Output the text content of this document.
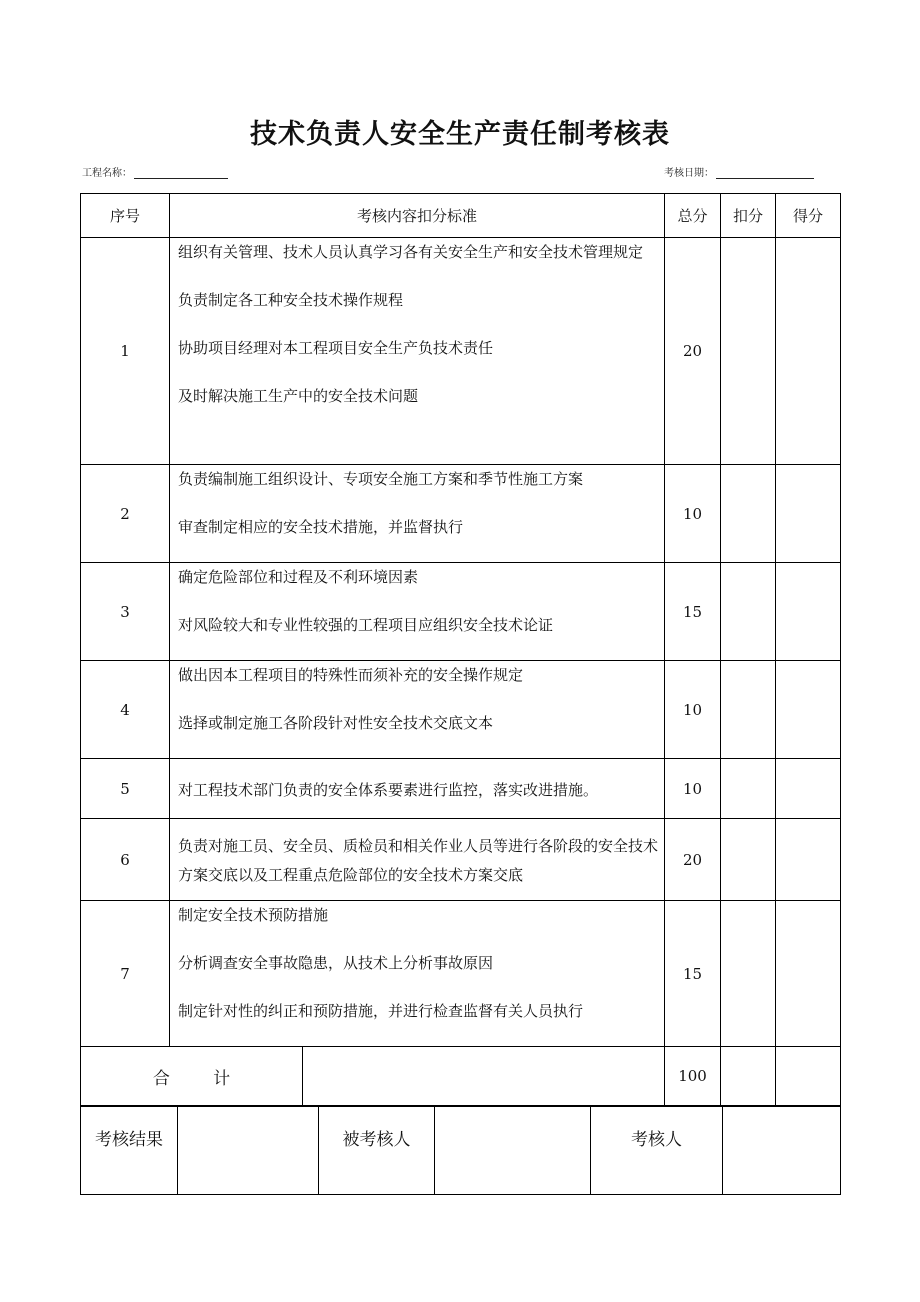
技术负责人安全生产责任制考核表
工程名称：	考核日期：
序号	考核内容扣分标准		总分	扣分	得分
1	组织有关管理、技术人员认真学习各有关安全生产和安全技术管理规定

负责制定各工种安全技术操作规程

协助项目经理对本工程项目安全生产负技术责任

及时解决施工生产中的安全技术问题		20		
2	负责编制施工组织设计、专项安全施工方案和季节性施工方案

审查制定相应的安全技术措施，并监督执行		10		
3	确定危险部位和过程及不利环境因素

对风险较大和专业性较强的工程项目应组织安全技术论证		15		
4	做出因本工程项目的特殊性而须补充的安全操作规定

选择或制定施工各阶段针对性安全技术交底文本		10		
5	对工程技术部门负责的安全体系要素进行监控，落实改进措施。		10		
6	负责对施工员、安全员、质检员和相关作业人员等进行各阶段的安全技术方案交底以及工程重点危险部位的安全技术方案交底		20		
7	制定安全技术预防措施

分析调查安全事故隐患，从技术上分析事故原因

制定针对性的纠正和预防措施，并进行检查监督有关人员执行		15		
合        计			100		
考核结果		被考核人		考核人	
